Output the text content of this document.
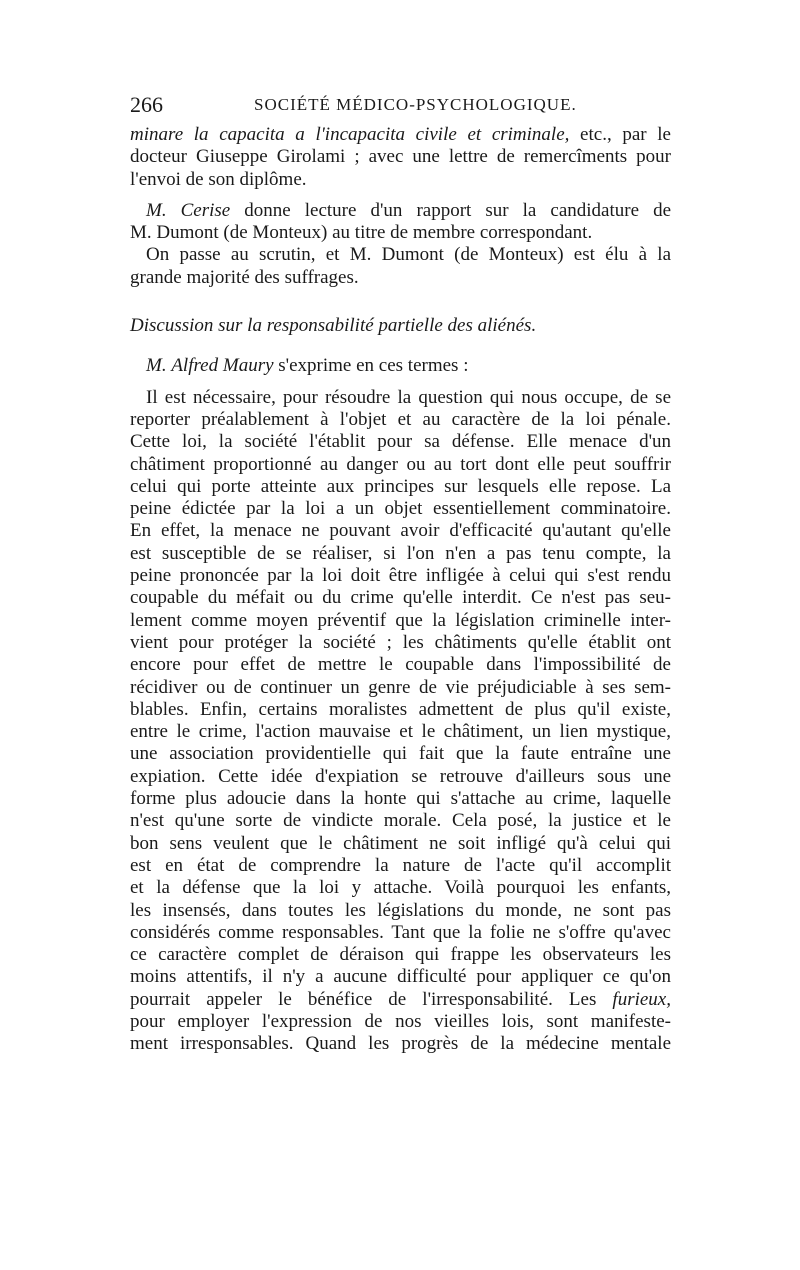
266	SOCIÉTÉ MÉDICO-PSYCHOLOGIQUE.

minare la capacita a l'incapacita civile et criminale, etc., par le
docteur Giuseppe Girolami ; avec une lettre de remercîments pour
l'envoi de son diplôme.

M. Cerise donne lecture d'un rapport sur la candidature de
M. Dumont (de Monteux) au titre de membre correspondant.
On passe au scrutin, et M. Dumont (de Monteux) est élu à la
grande majorité des suffrages.

Discussion sur la responsabilité partielle des aliénés.

M. Alfred Maury s'exprime en ces termes :

Il est nécessaire, pour résoudre la question qui nous occupe, de se
reporter préalablement à l'objet et au caractère de la loi pénale.
Cette loi, la société l'établit pour sa défense. Elle menace d'un
châtiment proportionné au danger ou au tort dont elle peut souffrir
celui qui porte atteinte aux principes sur lesquels elle repose. La
peine édictée par la loi a un objet essentiellement comminatoire.
En effet, la menace ne pouvant avoir d'efficacité qu'autant qu'elle
est susceptible de se réaliser, si l'on n'en a pas tenu compte, la
peine prononcée par la loi doit être infligée à celui qui s'est rendu
coupable du méfait ou du crime qu'elle interdit. Ce n'est pas seu-
lement comme moyen préventif que la législation criminelle inter-
vient pour protéger la société ; les châtiments qu'elle établit ont
encore pour effet de mettre le coupable dans l'impossibilité de
récidiver ou de continuer un genre de vie préjudiciable à ses sem-
blables. Enfin, certains moralistes admettent de plus qu'il existe,
entre le crime, l'action mauvaise et le châtiment, un lien mystique,
une association providentielle qui fait que la faute entraîne une
expiation. Cette idée d'expiation se retrouve d'ailleurs sous une
forme plus adoucie dans la honte qui s'attache au crime, laquelle
n'est qu'une sorte de vindicte morale. Cela posé, la justice et le
bon sens veulent que le châtiment ne soit infligé qu'à celui qui
est en état de comprendre la nature de l'acte qu'il accomplit
et la défense que la loi y attache. Voilà pourquoi les enfants,
les insensés, dans toutes les législations du monde, ne sont pas
considérés comme responsables. Tant que la folie ne s'offre qu'avec
ce caractère complet de déraison qui frappe les observateurs les
moins attentifs, il n'y a aucune difficulté pour appliquer ce qu'on
pourrait appeler le bénéfice de l'irresponsabilité. Les furieux,
pour employer l'expression de nos vieilles lois, sont manifeste-
ment irresponsables. Quand les progrès de la médecine mentale
